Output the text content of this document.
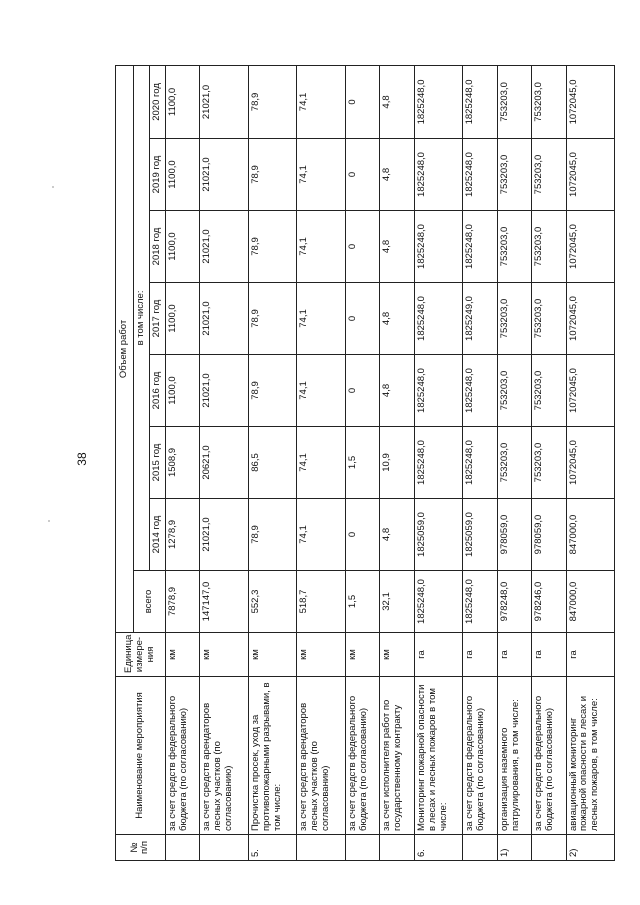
38
№ п/п	Наименование мероприятия	Единица измере-ния	Объем работ							
			всего	в том числе:						
				2014 год	2015 год	2016 год	2017 год	2018 год	2019 год	2020 год
	за счет средств федерального бюджета (по согласованию)	км	7878,9	1278,9	1508,9	1100,0	1100,0	1100,0	1100,0	1100,0
	за счет средств арендаторов лесных участков (по согласованию)	км	147147,0	21021,0	20621,0	21021,0	21021,0	21021,0	21021,0	21021,0
5.	Прочистка просек, уход за противопожарными разрывами, в том числе:	км	552,3	78,9	86,5	78,9	78,9	78,9	78,9	78,9
	за счет средств арендаторов лесных участков (по согласованию)	км	518,7	74,1	74,1	74,1	74,1	74,1	74,1	74,1
	за счет средств федерального бюджета (по согласованию)	км	1,5	0	1,5	0	0	0	0	0
	за счет исполнителя работ по государственному контракту	км	32,1	4,8	10,9	4,8	4,8	4,8	4,8	4,8
6.	Мониторинг пожарной опасности в лесах и лесных пожаров в том числе:	га	1825248,0	1825059,0	1825248,0	1825248,0	1825248,0	1825248,0	1825248,0	1825248,0
	за счет средств федерального бюджета (по согласованию)	га	1825248,0	1825059,0	1825248,0	1825248,0	1825249,0	1825248,0	1825248,0	1825248,0
1)	организация наземного патрулирования, в том числе:	га	978248,0	978059,0	753203,0	753203,0	753203,0	753203,0	753203,0	753203,0
	за счет средств федерального бюджета (по согласованию)	га	978246,0	978059,0	753203,0	753203,0	753203,0	753203,0	753203,0	753203,0
2)	авиационный мониторинг пожарной опасности в лесах и лесных пожаров, в том числе:	га	847000,0	847000,0	1072045,0	1072045,0	1072045,0	1072045,0	1072045,0	1072045,0
